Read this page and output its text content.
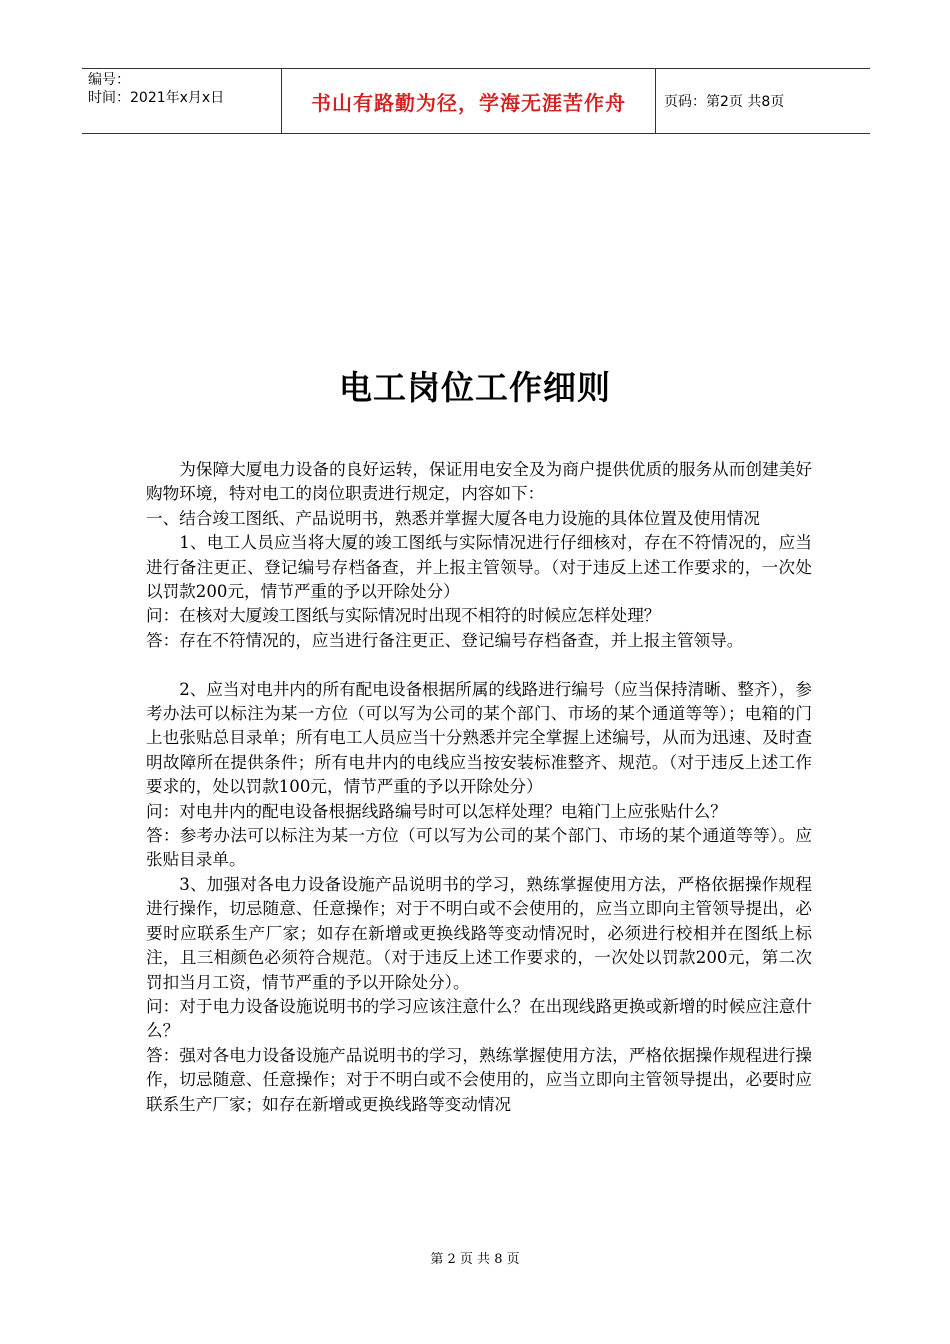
编号：
时间：2021年x月x日	书山有路勤为径，学海无涯苦作舟	页码：第2页 共8页
电工岗位工作细则

为保障大厦电力设备的良好运转，保证用电安全及为商户提供优质的服务从而创建美好购物环境，特对电工的岗位职责进行规定，内容如下：

一、结合竣工图纸、产品说明书，熟悉并掌握大厦各电力设施的具体位置及使用情况

1、电工人员应当将大厦的竣工图纸与实际情况进行仔细核对，存在不符情况的，应当进行备注更正、登记编号存档备查，并上报主管领导。（对于违反上述工作要求的，一次处以罚款200元，情节严重的予以开除处分）

问：在核对大厦竣工图纸与实际情况时出现不相符的时候应怎样处理？

答：存在不符情况的，应当进行备注更正、登记编号存档备查，并上报主管领导。

2、应当对电井内的所有配电设备根据所属的线路进行编号（应当保持清晰、整齐），参考办法可以标注为某一方位（可以写为公司的某个部门、市场的某个通道等等）；电箱的门上也张贴总目录单；所有电工人员应当十分熟悉并完全掌握上述编号，从而为迅速、及时查明故障所在提供条件；所有电井内的电线应当按安装标准整齐、规范。（对于违反上述工作要求的，处以罚款100元，情节严重的予以开除处分）

问：对电井内的配电设备根据线路编号时可以怎样处理？电箱门上应张贴什么？

答：参考办法可以标注为某一方位（可以写为公司的某个部门、市场的某个通道等等）。应张贴目录单。

3、加强对各电力设备设施产品说明书的学习，熟练掌握使用方法，严格依据操作规程进行操作，切忌随意、任意操作；对于不明白或不会使用的，应当立即向主管领导提出，必要时应联系生产厂家；如存在新增或更换线路等变动情况时，必须进行校相并在图纸上标注，且三相颜色必须符合规范。（对于违反上述工作要求的，一次处以罚款200元，第二次罚扣当月工资，情节严重的予以开除处分）。

问：对于电力设备设施说明书的学习应该注意什么？在出现线路更换或新增的时候应注意什么？

答：强对各电力设备设施产品说明书的学习，熟练掌握使用方法，严格依据操作规程进行操作，切忌随意、任意操作；对于不明白或不会使用的，应当立即向主管领导提出，必要时应联系生产厂家；如存在新增或更换线路等变动情况

第 2 页 共 8 页
